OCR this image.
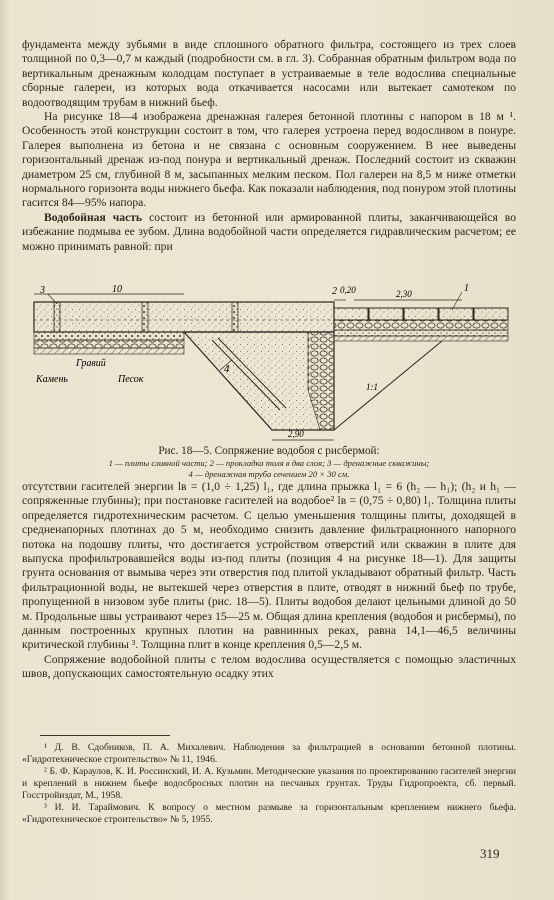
фундамента между зубьями в виде сплошного обратного фильтра, состоящего из трех слоев толщиной по 0,3—0,7 м каждый (подробности см. в гл. 3). Собранная обратным фильтром вода по вертикальным дренажным колодцам поступает в устраиваемые в теле водослива специальные сборные галереи, из которых вода откачивается насосами или вытекает самотеком по водоотводящим трубам в нижний бьеф.

На рисунке 18—4 изображена дренажная галерея бетонной плотины с напором в 18 м ¹. Особенность этой конструкции состоит в том, что галерея устроена перед водосливом в понуре. Галерея выполнена из бетона и не связана с основным сооружением. В нее выведены горизонтальный дренаж из-под понура и вертикальный дренаж. Последний состоит из скважин диаметром 25 см, глубиной 8 м, засыпанных мелким песком. Пол галереи на 8,5 м ниже отметки нормального горизонта воды нижнего бьефа. Как показали наблюдения, под понуром этой плотины гасится 84—95% напора.

Водобойная часть состоит из бетонной или армированной плиты, заканчивающейся во избежание подмыва ее зубом. Длина водобойной части определяется гидравлическим расчетом; ее можно принимать равной: при

3	10	2 0,20	2,30	1
4
1:1
2,90
Гравий
Камень	Песок
Рис. 18—5. Сопряжение водобоя с рисбермой:
1 — плиты сливной части; 2 — прокладка толя в два слоя; 3 — дренажные скважины;
4 — дренажная труба сечением 20 × 30 см.

отсутствии гасителей энергии lв = (1,0 ÷ 1,25) l₁, где длина прыжка l₁ = 6 (h₂ — h₁); (h₂ и h₁ — сопряженные глубины); при постановке гасителей на водобое² lв = (0,75 ÷ 0,80) l₁. Толщина плиты определяется гидротехническим расчетом. С целью уменьшения толщины плиты, доходящей в средненапорных плотинах до 5 м, необходимо снизить давление фильтрационного напорного потока на подошву плиты, что достигается устройством отверстий или скважин в плите для выпуска профильтровавшейся воды из-под плиты (позиция 4 на рисунке 18—1). Для защиты грунта основания от вымыва через эти отверстия под плитой укладывают обратный фильтр. Часть фильтрационной воды, не вытекшей через отверстия в плите, отводят в нижний бьеф по трубе, пропущенной в низовом зубе плиты (рис. 18—5). Плиты водобоя делают цельными длиной до 50 м. Продольные швы устраивают через 15—25 м. Общая длина крепления (водобоя и рисбермы), по данным построенных крупных плотин на равнинных реках, равна 14,1—46,5 величины критической глубины ³. Толщина плит в конце крепления 0,5—2,5 м.

Сопряжение водобойной плиты с телом водослива осуществляется с помощью эластичных швов, допускающих самостоятельную осадку этих

¹ Д. В. Сдобников, П. А. Михалевич. Наблюдения за фильтрацией в основании бетонной плотины. «Гидротехническое строительство» № 11, 1946.

² Б. Ф. Караулов, К. И. Россинский, И. А. Кузьмин. Методические указания по проектированию гасителей энергии и креплений в нижнем бьефе водосбросных плотин на песчаных грунтах. Труды Гидропроекта, сб. первый. Госстройиздат, М., 1958.

³ И. И. Тараймович. К вопросу о местном размыве за горизонтальным креплением нижнего бьефа. «Гидротехническое строительство» № 5, 1955.

319
